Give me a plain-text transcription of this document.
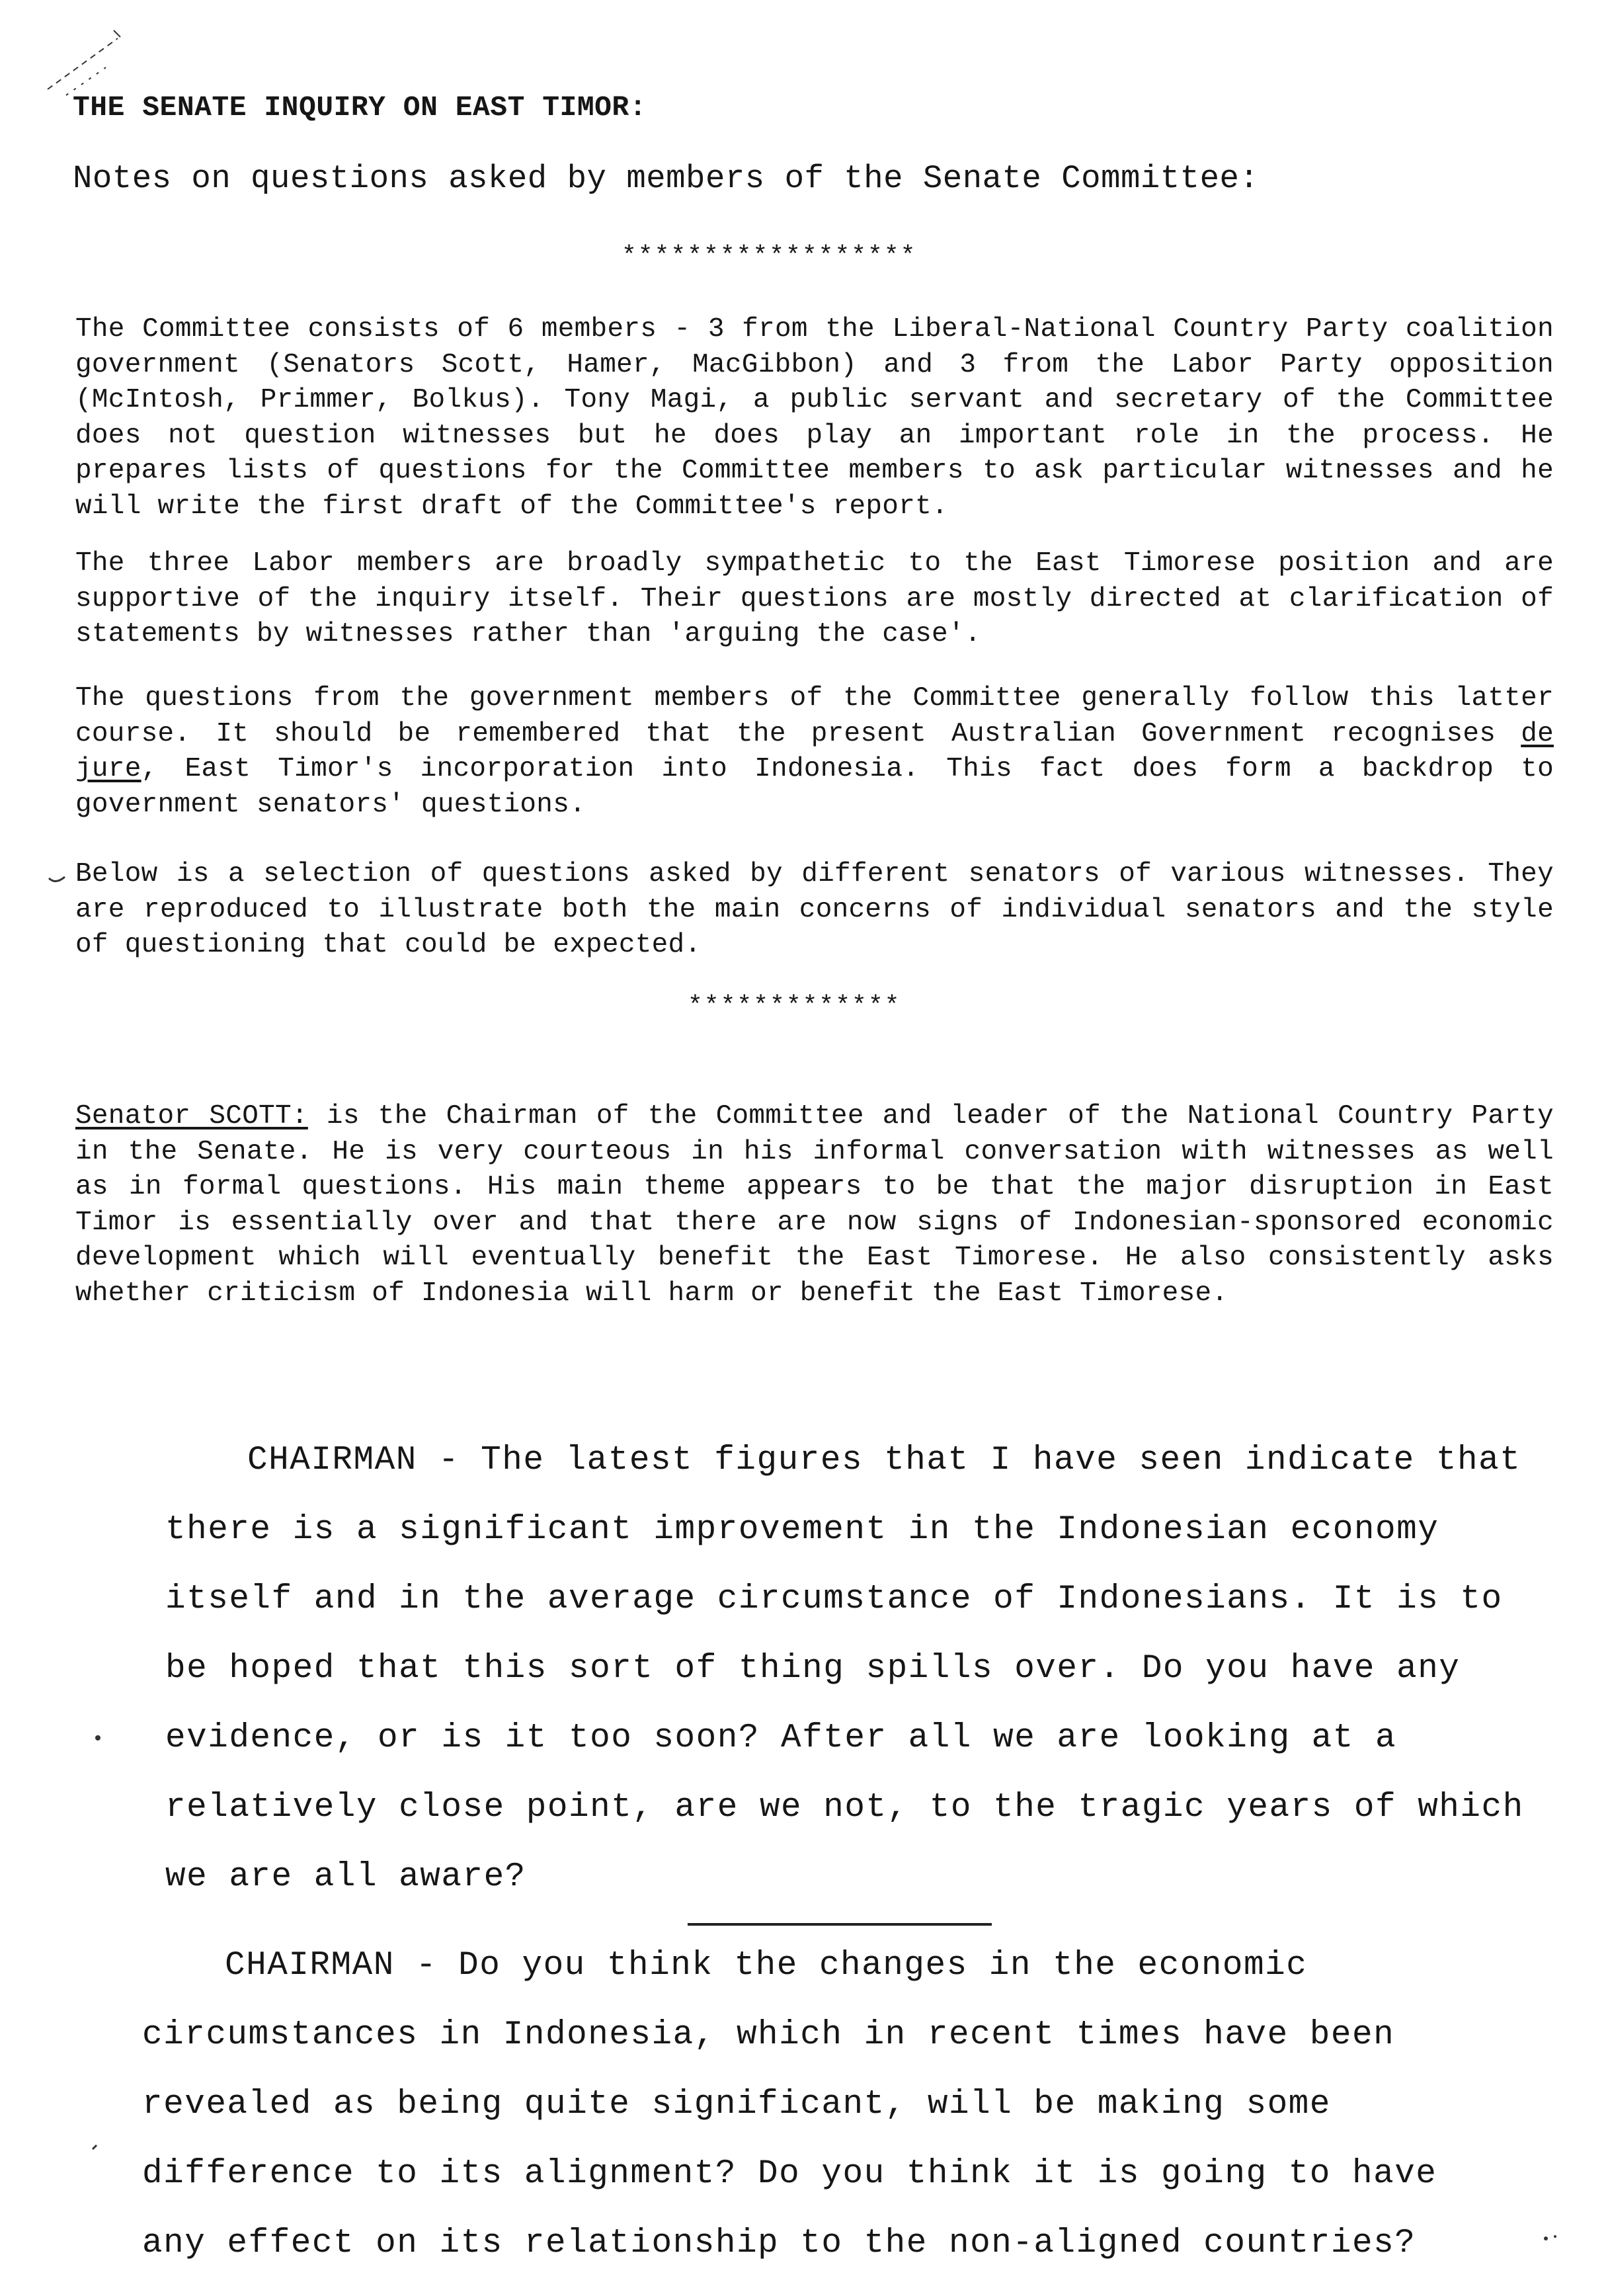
THE SENATE INQUIRY ON EAST TIMOR:
Notes on questions asked by members of the Senate Committee:
******************

The Committee consists of 6 members - 3 from the Liberal-National Country Party coalition government (Senators Scott, Hamer, MacGibbon) and 3 from the Labor Party opposition (McIntosh, Primmer, Bolkus). Tony Magi, a public servant and secretary of the Committee does not question witnesses but he does play an important role in the process. He prepares lists of questions for the Committee members to ask particular witnesses and he will write the first draft of the Committee's report.

The three Labor members are broadly sympathetic to the East Timorese position and are supportive of the inquiry itself. Their questions are mostly directed at clarification of statements by witnesses rather than 'arguing the case'.

The questions from the government members of the Committee generally follow this latter course. It should be remembered that the present Australian Government recognises de jure, East Timor's incorporation into Indonesia. This fact does form a backdrop to government senators' questions.

Below is a selection of questions asked by different senators of various witnesses. They are reproduced to illustrate both the main concerns of individual senators and the style of questioning that could be expected.

*************

Senator SCOTT: is the Chairman of the Committee and leader of the National Country Party in the Senate. He is very courteous in his informal conversation with witnesses as well as in formal questions. His main theme appears to be that the major disruption in East Timor is essentially over and that there are now signs of Indonesian-sponsored economic development which will eventually benefit the East Timorese. He also consistently asks whether criticism of Indonesia will harm or benefit the East Timorese.

CHAIRMAN - The latest figures that I have seen indicate that
there is a significant improvement in the Indonesian economy
itself and in the average circumstance of Indonesians. It is to
be hoped that this sort of thing spills over. Do you have any
evidence, or is it too soon? After all we are looking at a
relatively close point, are we not, to the tragic years of which
we are all aware?
CHAIRMAN - Do you think the changes in the economic
circumstances in Indonesia, which in recent times have been
revealed as being quite significant, will be making some
difference to its alignment? Do you think it is going to have
any effect on its relationship to the non-aligned countries?
